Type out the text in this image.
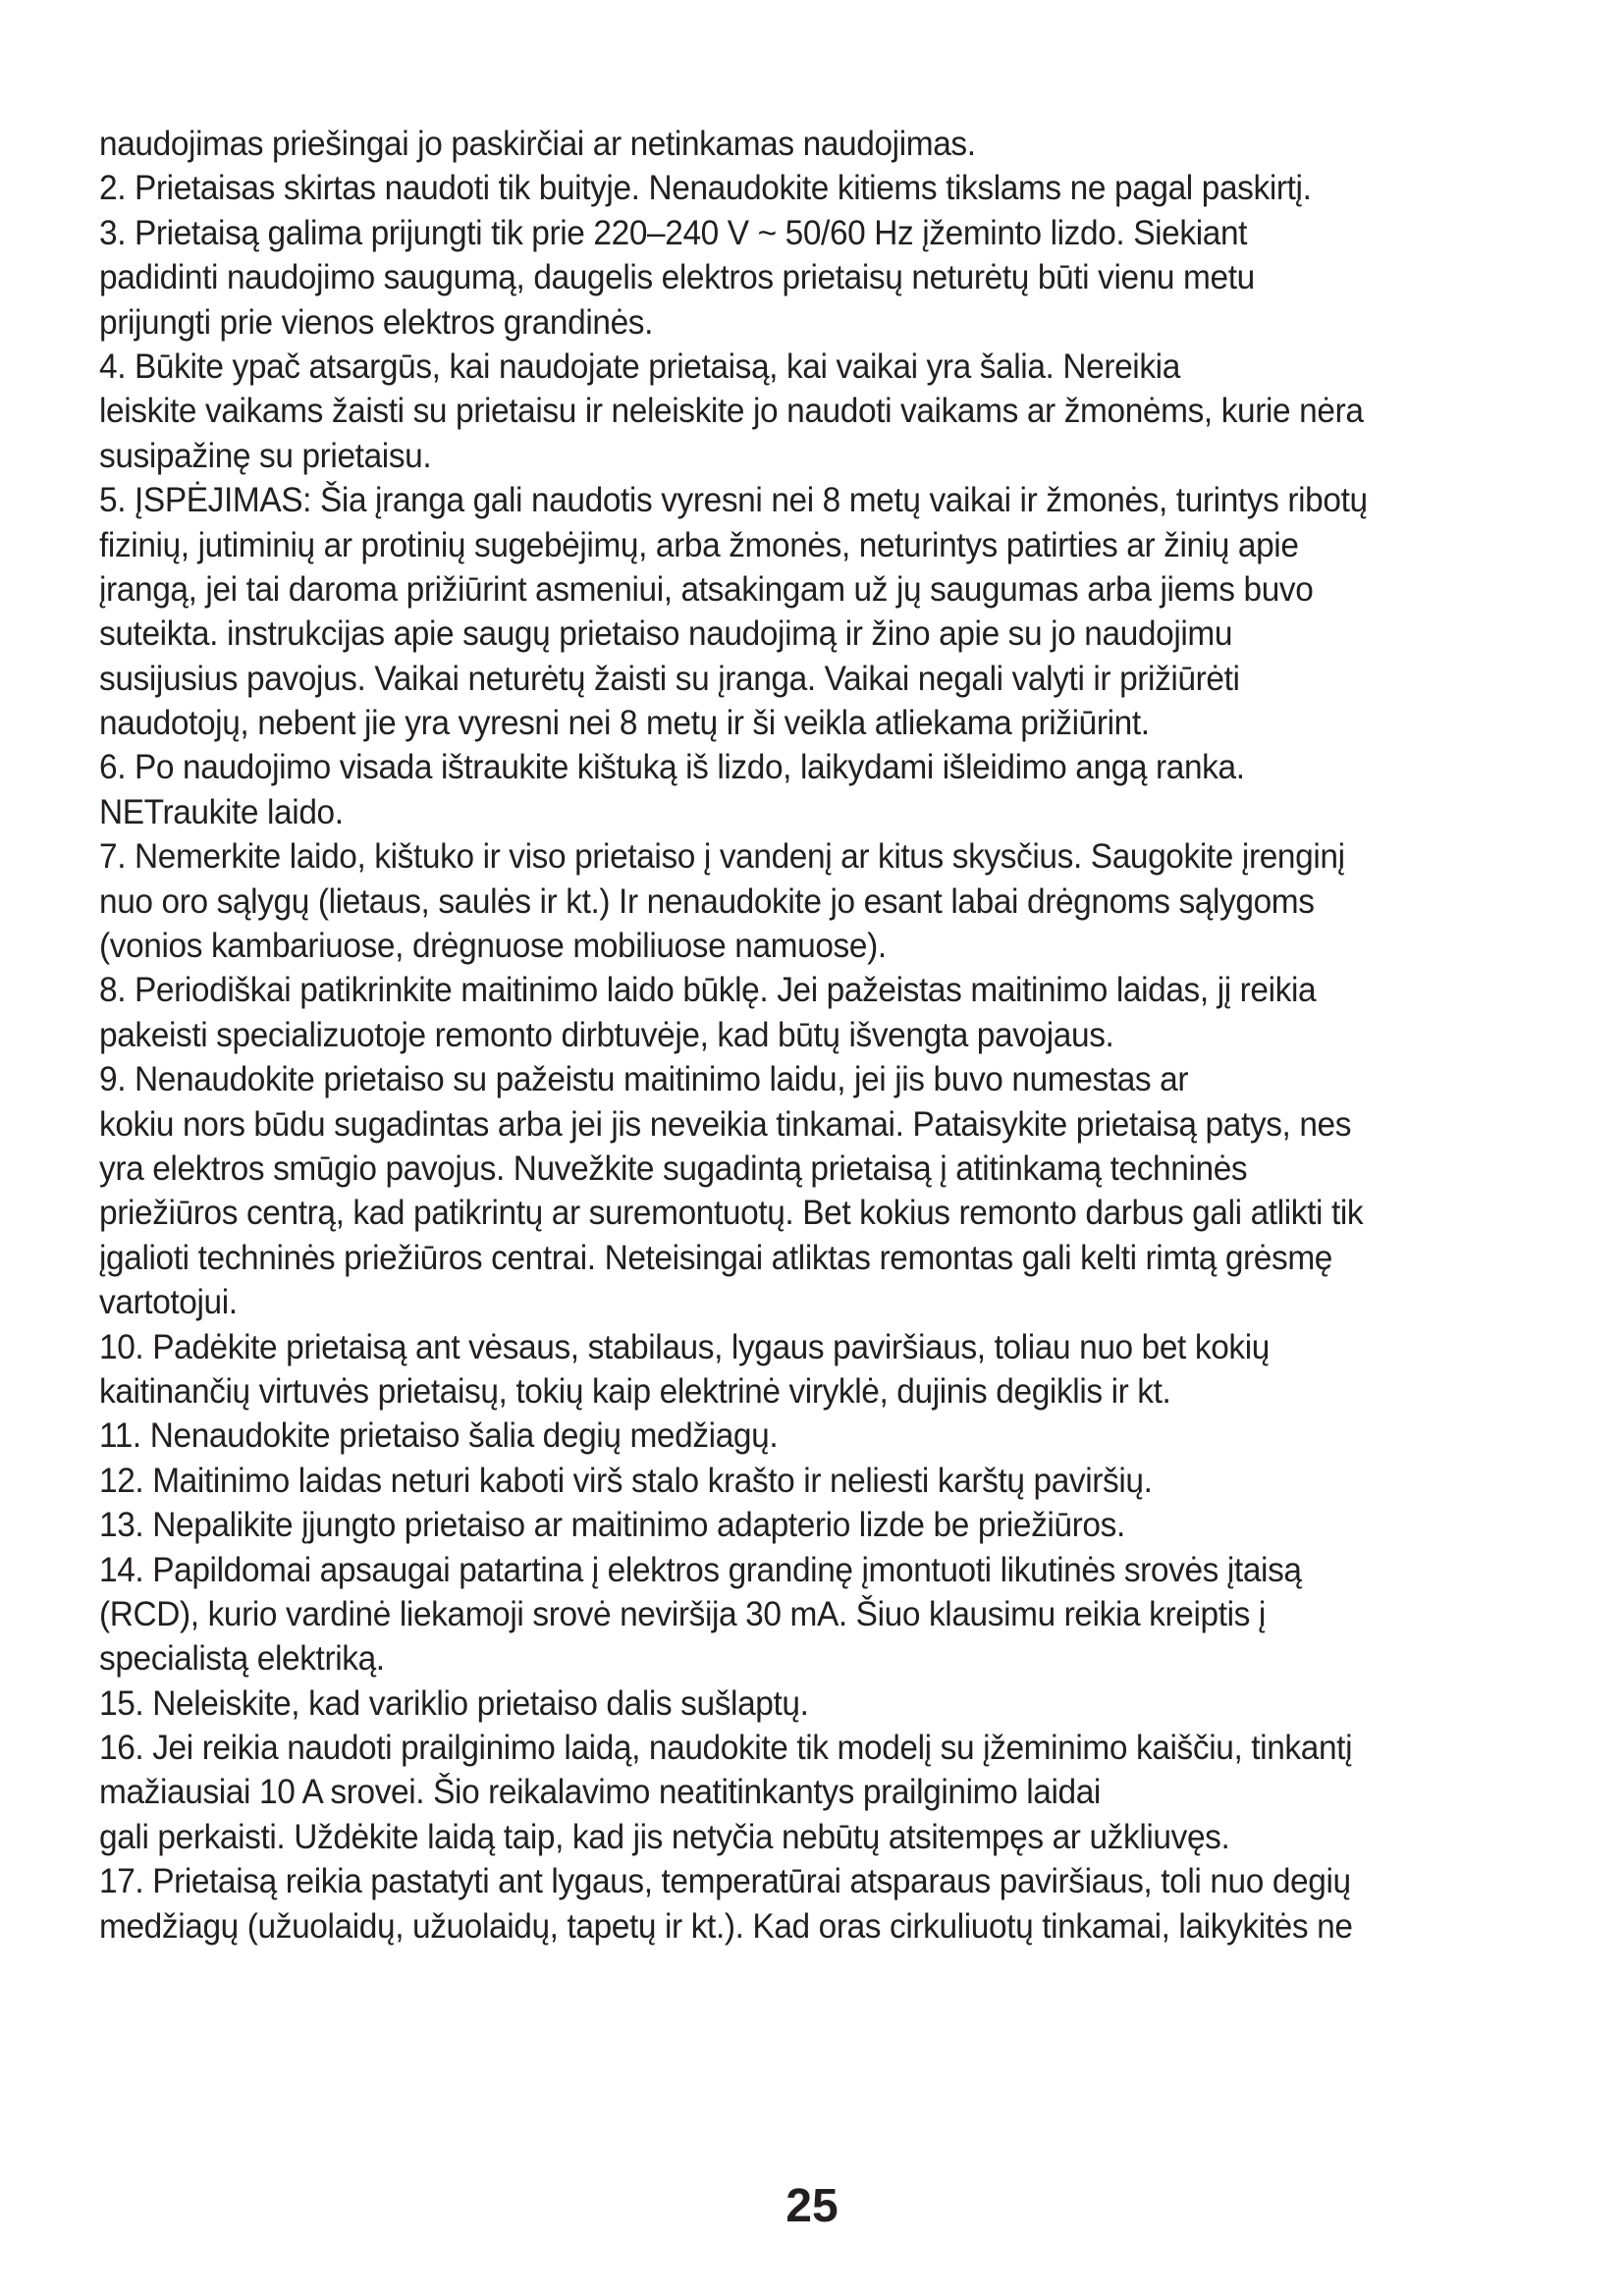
naudojimas priešingai jo paskirčiai ar netinkamas naudojimas.
2. Prietaisas skirtas naudoti tik buityje. Nenaudokite kitiems tikslams ne pagal paskirtį.
3. Prietaisą galima prijungti tik prie 220–240 V ~ 50/60 Hz įžeminto lizdo. Siekiant
padidinti naudojimo saugumą, daugelis elektros prietaisų neturėtų būti vienu metu
prijungti prie vienos elektros grandinės.
4. Būkite ypač atsargūs, kai naudojate prietaisą, kai vaikai yra šalia. Nereikia
leiskite vaikams žaisti su prietaisu ir neleiskite jo naudoti vaikams ar žmonėms, kurie nėra
susipažinę su prietaisu.
5. ĮSPĖJIMAS: Šia įranga gali naudotis vyresni nei 8 metų vaikai ir žmonės, turintys ribotų
fizinių, jutiminių ar protinių sugebėjimų, arba žmonės, neturintys patirties ar žinių apie
įrangą, jei tai daroma prižiūrint asmeniui, atsakingam už jų saugumas arba jiems buvo
suteikta. instrukcijas apie saugų prietaiso naudojimą ir žino apie su jo naudojimu
susijusius pavojus. Vaikai neturėtų žaisti su įranga. Vaikai negali valyti ir prižiūrėti
naudotojų, nebent jie yra vyresni nei 8 metų ir ši veikla atliekama prižiūrint.
6. Po naudojimo visada ištraukite kištuką iš lizdo, laikydami išleidimo angą ranka.
NETraukite laido.
7. Nemerkite laido, kištuko ir viso prietaiso į vandenį ar kitus skysčius. Saugokite įrenginį
nuo oro sąlygų (lietaus, saulės ir kt.) Ir nenaudokite jo esant labai drėgnoms sąlygoms
(vonios kambariuose, drėgnuose mobiliuose namuose).
8. Periodiškai patikrinkite maitinimo laido būklę. Jei pažeistas maitinimo laidas, jį reikia
pakeisti specializuotoje remonto dirbtuvėje, kad būtų išvengta pavojaus.
9. Nenaudokite prietaiso su pažeistu maitinimo laidu, jei jis buvo numestas ar
kokiu nors būdu sugadintas arba jei jis neveikia tinkamai. Pataisykite prietaisą patys, nes
yra elektros smūgio pavojus. Nuvežkite sugadintą prietaisą į atitinkamą techninės
priežiūros centrą, kad patikrintų ar suremontuotų. Bet kokius remonto darbus gali atlikti tik
įgalioti techninės priežiūros centrai. Neteisingai atliktas remontas gali kelti rimtą grėsmę
vartotojui.
10. Padėkite prietaisą ant vėsaus, stabilaus, lygaus paviršiaus, toliau nuo bet kokių
kaitinančių virtuvės prietaisų, tokių kaip elektrinė viryklė, dujinis degiklis ir kt.
11. Nenaudokite prietaiso šalia degių medžiagų.
12. Maitinimo laidas neturi kaboti virš stalo krašto ir neliesti karštų paviršių.
13. Nepalikite įjungto prietaiso ar maitinimo adapterio lizde be priežiūros.
14. Papildomai apsaugai patartina į elektros grandinę įmontuoti likutinės srovės įtaisą
(RCD), kurio vardinė liekamoji srovė neviršija 30 mA. Šiuo klausimu reikia kreiptis į
specialistą elektriką.
15. Neleiskite, kad variklio prietaiso dalis sušlaptų.
16. Jei reikia naudoti prailginimo laidą, naudokite tik modelį su įžeminimo kaiščiu, tinkantį
mažiausiai 10 A srovei. Šio reikalavimo neatitinkantys prailginimo laidai
gali perkaisti. Uždėkite laidą taip, kad jis netyčia nebūtų atsitempęs ar užkliuvęs.
17. Prietaisą reikia pastatyti ant lygaus, temperatūrai atsparaus paviršiaus, toli nuo degių
medžiagų (užuolaidų, užuolaidų, tapetų ir kt.). Kad oras cirkuliuotų tinkamai, laikykitės ne
25
